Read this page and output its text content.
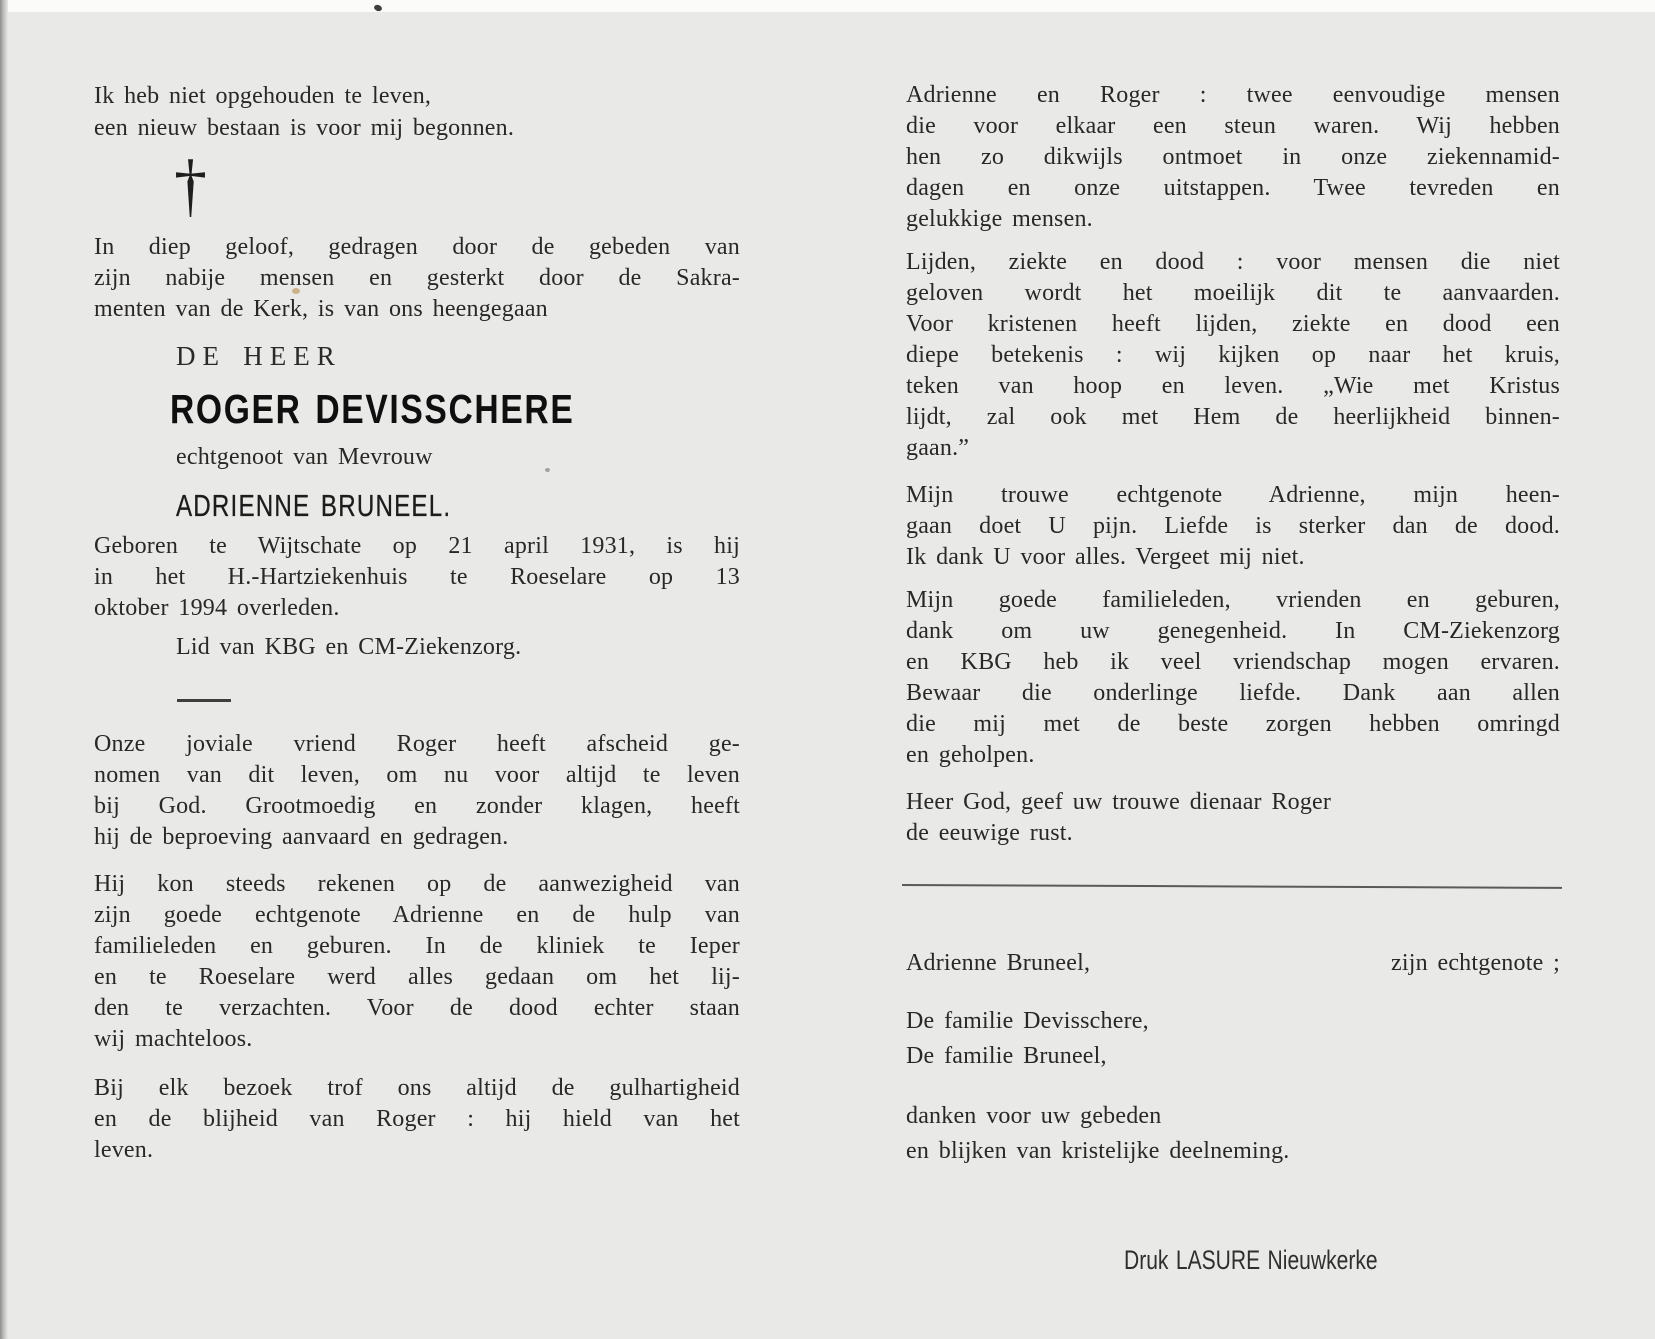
Ik heb niet opgehouden te leven,
een nieuw bestaan is voor mij begonnen.
†
In diep geloof, gedragen door de gebeden van
zijn nabije mensen en gesterkt door de Sakra-
menten van de Kerk, is van ons heengegaan
DE HEER
ROGER DEVISSCHERE
echtgenoot van Mevrouw
ADRIENNE BRUNEEL.
Geboren te Wijtschate op 21 april 1931, is hij
in het H.-Hartziekenhuis te Roeselare op 13
oktober 1994 overleden.
Lid van KBG en CM-Ziekenzorg.
Onze joviale vriend Roger heeft afscheid ge-
nomen van dit leven, om nu voor altijd te leven
bij God. Grootmoedig en zonder klagen, heeft
hij de beproeving aanvaard en gedragen.
Hij kon steeds rekenen op de aanwezigheid van
zijn goede echtgenote Adrienne en de hulp van
familieleden en geburen. In de kliniek te Ieper
en te Roeselare werd alles gedaan om het lij-
den te verzachten. Voor de dood echter staan
wij machteloos.
Bij elk bezoek trof ons altijd de gulhartigheid
en de blijheid van Roger : hij hield van het
leven.
Adrienne en Roger : twee eenvoudige mensen
die voor elkaar een steun waren. Wij hebben
hen zo dikwijls ontmoet in onze ziekennamid-
dagen en onze uitstappen. Twee tevreden en
gelukkige mensen.
Lijden, ziekte en dood : voor mensen die niet
geloven wordt het moeilijk dit te aanvaarden.
Voor kristenen heeft lijden, ziekte en dood een
diepe betekenis : wij kijken op naar het kruis,
teken van hoop en leven. „Wie met Kristus
lijdt, zal ook met Hem de heerlijkheid binnen-
gaan.”
Mijn trouwe echtgenote Adrienne, mijn heen-
gaan doet U pijn. Liefde is sterker dan de dood.
Ik dank U voor alles. Vergeet mij niet.
Mijn goede familieleden, vrienden en geburen,
dank om uw genegenheid. In CM-Ziekenzorg
en KBG heb ik veel vriendschap mogen ervaren.
Bewaar die onderlinge liefde. Dank aan allen
die mij met de beste zorgen hebben omringd
en geholpen.
Heer God, geef uw trouwe dienaar Roger
de eeuwige rust.
Adrienne Bruneel,	zijn echtgenote ;
De familie Devisschere,
De familie Bruneel,
danken voor uw gebeden
en blijken van kristelijke deelneming.
Druk LASURE Nieuwkerke
